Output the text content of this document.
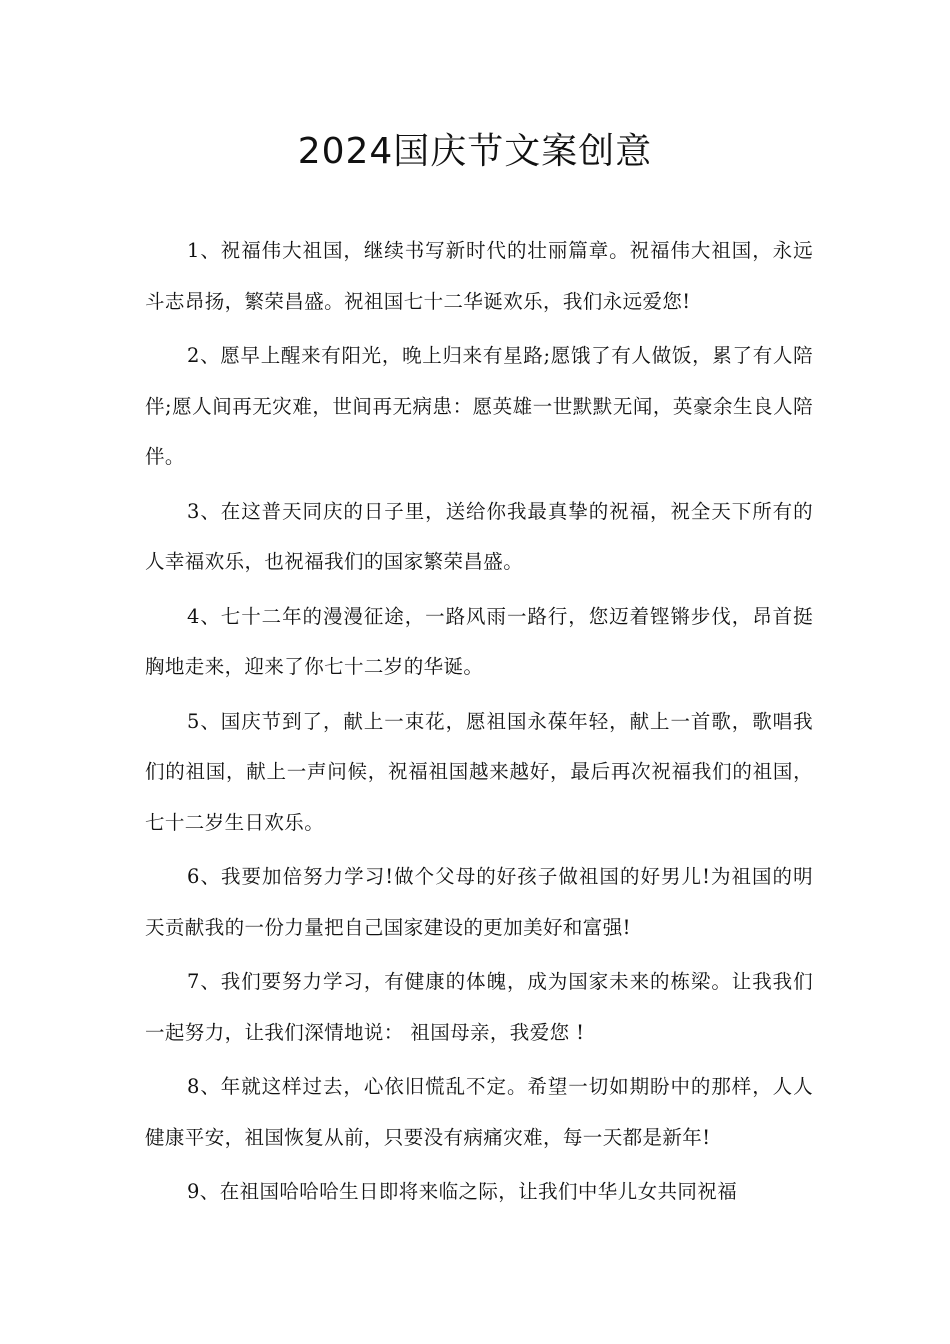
2024国庆节文案创意

1、祝福伟大祖国，继续书写新时代的壮丽篇章。祝福伟大祖国，永远斗志昂扬，繁荣昌盛。祝祖国七十二华诞欢乐，我们永远爱您!

2、愿早上醒来有阳光，晚上归来有星路;愿饿了有人做饭，累了有人陪伴;愿人间再无灾难，世间再无病患：愿英雄一世默默无闻，英豪余生良人陪伴。

3、在这普天同庆的日子里，送给你我最真挚的祝福，祝全天下所有的人幸福欢乐，也祝福我们的国家繁荣昌盛。

4、七十二年的漫漫征途，一路风雨一路行，您迈着铿锵步伐，昂首挺胸地走来，迎来了你七十二岁的华诞。

5、国庆节到了，献上一束花，愿祖国永葆年轻，献上一首歌，歌唱我们的祖国，献上一声问候，祝福祖国越来越好，最后再次祝福我们的祖国，七十二岁生日欢乐。

6、我要加倍努力学习!做个父母的好孩子做祖国的好男儿!为祖国的明天贡献我的一份力量把自己国家建设的更加美好和富强!

7、我们要努力学习，有健康的体魄，成为国家未来的栋梁。让我我们一起努力，让我们深情地说： 祖国母亲，我爱您 !

8、年就这样过去，心依旧慌乱不定。希望一切如期盼中的那样，人人健康平安，祖国恢复从前，只要没有病痛灾难，每一天都是新年!

9、在祖国哈哈哈生日即将来临之际，让我们中华儿女共同祝福
